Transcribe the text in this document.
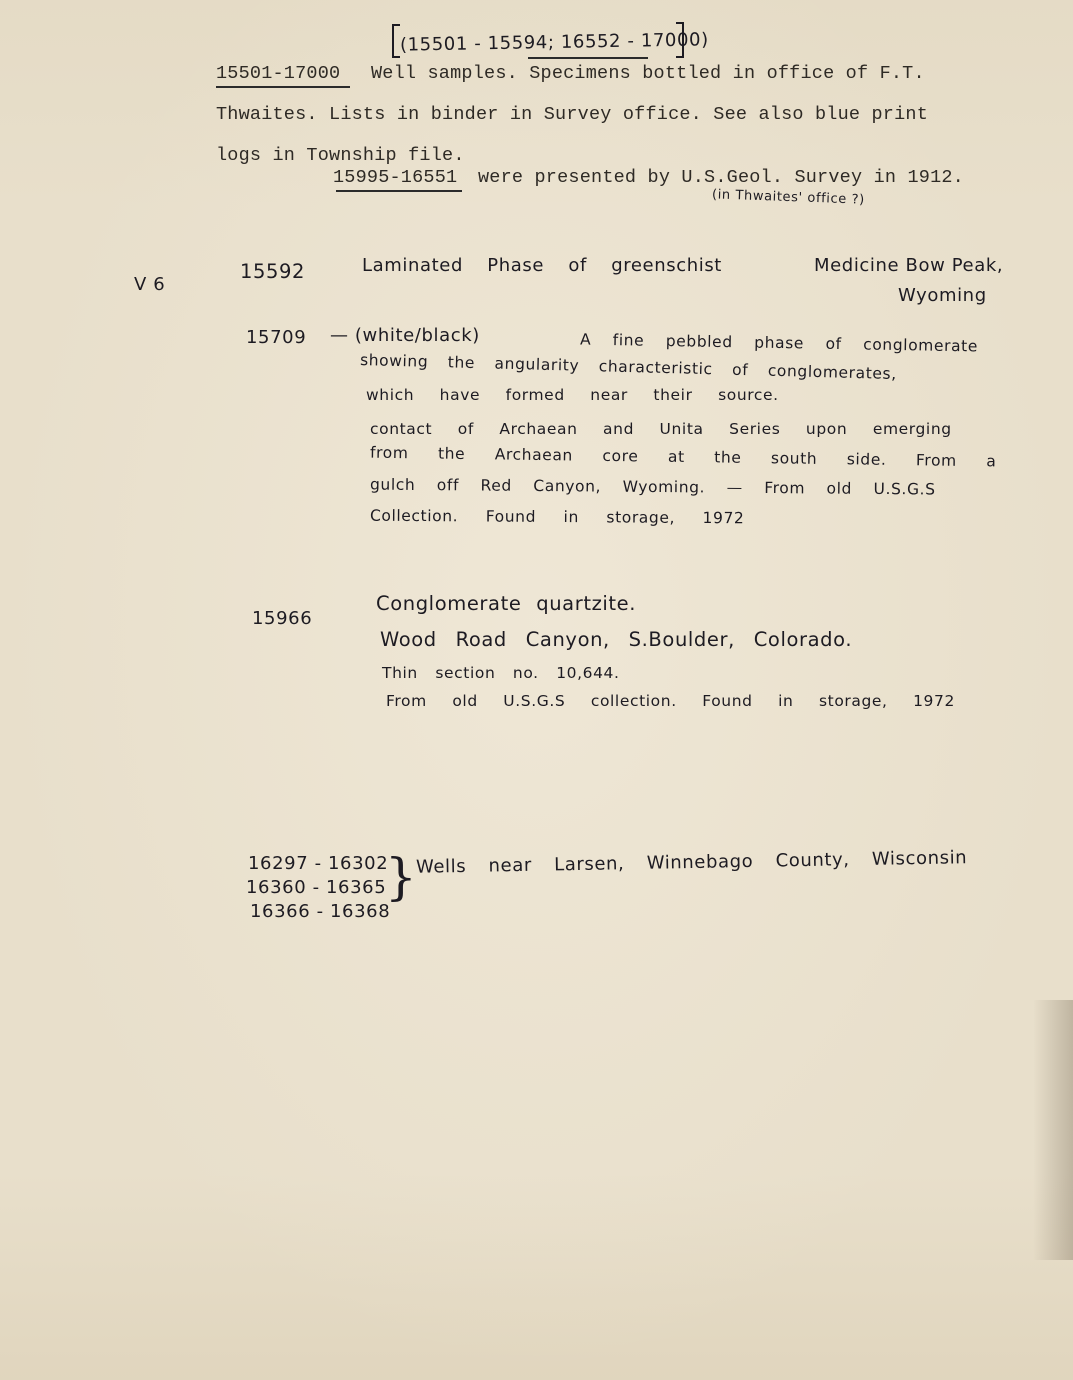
(15501 - 15594; 16552 - 17000)
15501-17000 Well samples. Specimens bottled in office of F.T.
Thwaites. Lists in binder in Survey office. See also blue print
logs in Township file.
15995-16551 were presented by U.S.Geol. Survey in 1912.
(in Thwaites' office ?)
V 6
15592	Laminated Phase of greenschist	Medicine Bow Peak,
Wyoming
15709 — (white/black)	A fine pebbled phase of conglomerate
showing the angularity characteristic of conglomerates,
which have formed near their source.
contact of Archaean and Unita Series upon emerging
from the Archaean core at the south side. From a
gulch off Red Canyon, Wyoming. — From old U.S.G.S
Collection. Found in storage, 1972
15966
Conglomerate quartzite.
Wood Road Canyon, S.Boulder, Colorado.
Thin section no. 10,644.
From old U.S.G.S collection. Found in storage, 1972
16297 - 16302
16360 - 16365
16366 - 16368
} Wells near Larsen, Winnebago County, Wisconsin
